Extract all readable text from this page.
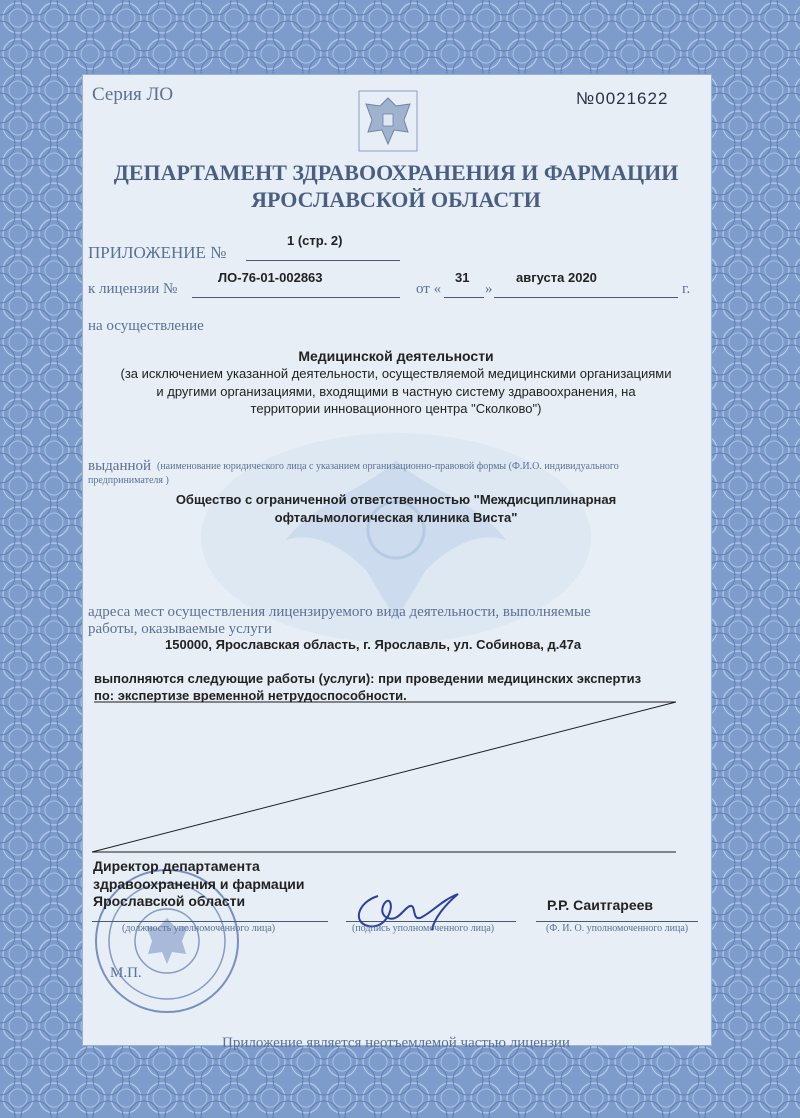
Серия ЛО	№0021622
ДЕПАРТАМЕНТ ЗДРАВООХРАНЕНИЯ И ФАРМАЦИИ
ЯРОСЛАВСКОЙ ОБЛАСТИ
ПРИЛОЖЕНИЕ №
1 (стр. 2)
к лицензии №
ЛО-76-01-002863
от «
31
»
августа 2020
г.
на осуществление
Медицинской деятельности
(за исключением указанной деятельности, осуществляемой медицинскими организациями
и другими организациями, входящими в частную систему здравоохранения, на
территории инновационного центра "Сколково")
выданной (наименование юридического лица с указанием организационно-правовой формы (Ф.И.О. индивидуального
предпринимателя )
Общество с ограниченной ответственностью "Междисциплинарная
офтальмологическая клиника Виста"
адреса мест осуществления лицензируемого вида деятельности, выполняемые
работы, оказываемые услуги
150000, Ярославская область, г. Ярославль, ул. Собинова, д.47а
выполняются следующие работы (услуги): при проведении медицинских экспертиз
по: экспертизе временной нетрудоспособности.
Директор департамента
здравоохранения и фармации
Ярославской области	Р.Р. Саитгареев
(должность уполномоченного лица)	(подпись уполномоченного лица)	(Ф. И. О. уполномоченного лица)
М.П.
Приложение является неотъемлемой частью лицензии
